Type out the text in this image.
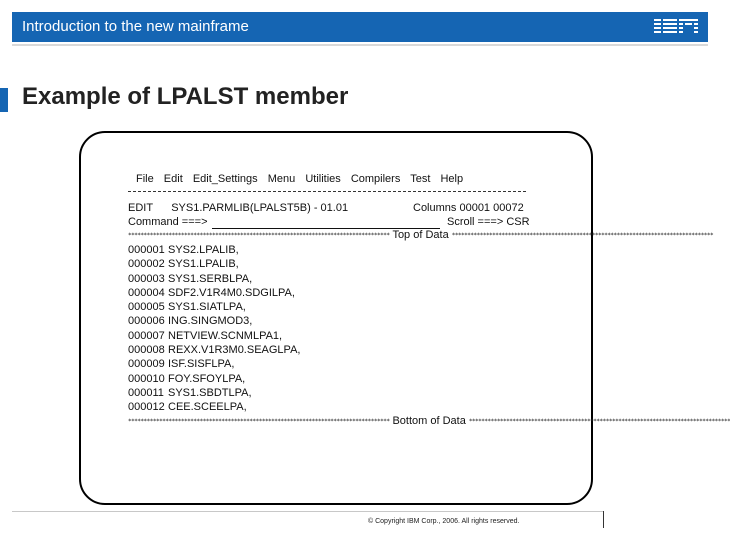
Introduction to the new mainframe
Example of LPALST member
File Edit Edit_Settings Menu Utilities Compilers Test Help
EDIT      SYS1.PARMLIB(LPALST5B) - 01.01	Columns 00001 00072
Command ===>	Scroll ===> CSR
************************************************************************************ Top of Data ************************************************************************************
000001 SYS2.LPALIB,
000002 SYS1.LPALIB,
000003 SYS1.SERBLPA,
000004 SDF2.V1R4M0.SDGILPA,
000005 SYS1.SIATLPA,
000006 ING.SINGMOD3,
000007 NETVIEW.SCNMLPA1,
000008 REXX.V1R3M0.SEAGLPA,
000009 ISF.SISFLPA,
000010 FOY.SFOYLPA,
000011 SYS1.SBDTLPA,
000012 CEE.SCEELPA,
************************************************************************************ Bottom of Data ************************************************************************************
© Copyright IBM Corp., 2006. All rights reserved.
